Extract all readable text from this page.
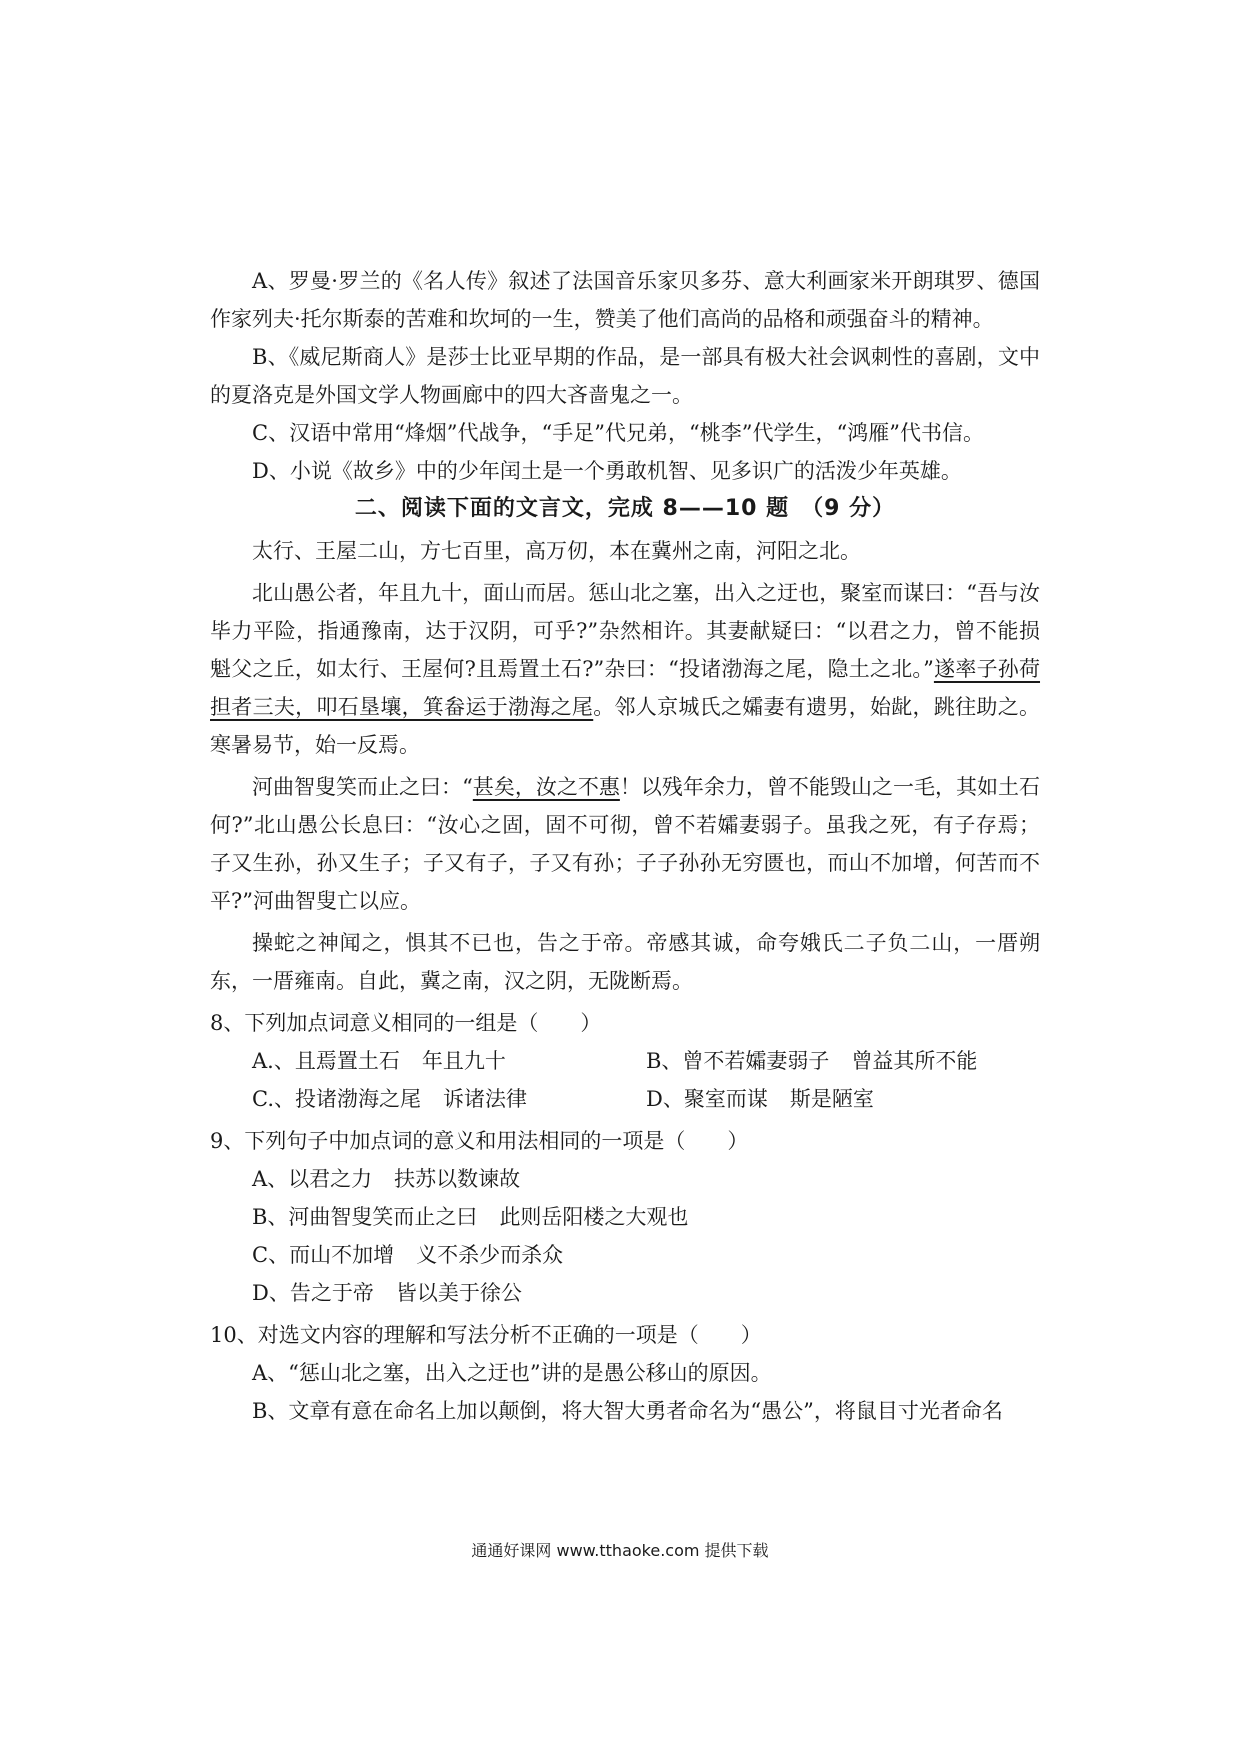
A、罗曼·罗兰的《名人传》叙述了法国音乐家贝多芬、意大利画家米开朗琪罗、德国作家列夫·托尔斯泰的苦难和坎坷的一生，赞美了他们高尚的品格和顽强奋斗的精神。

B、《威尼斯商人》是莎士比亚早期的作品，是一部具有极大社会讽刺性的喜剧，文中的夏洛克是外国文学人物画廊中的四大吝啬鬼之一。

C、汉语中常用“烽烟”代战争，“手足”代兄弟，“桃李”代学生，“鸿雁”代书信。

D、小说《故乡》中的少年闰土是一个勇敢机智、见多识广的活泼少年英雄。

二、阅读下面的文言文，完成 8——10 题　（9 分）

太行、王屋二山，方七百里，高万仞，本在冀州之南，河阳之北。

北山愚公者，年且九十，面山而居。惩山北之塞，出入之迂也，聚室而谋曰：“吾与汝毕力平险，指通豫南，达于汉阴，可乎?”杂然相许。其妻献疑曰：“以君之力，曾不能损魁父之丘，如太行、王屋何?且焉置土石?”杂曰：“投诸渤海之尾，隐土之北。”遂率子孙荷担者三夫，叩石垦壤，箕畚运于渤海之尾。邻人京城氏之孀妻有遗男，始龀，跳往助之。寒暑易节，始一反焉。

河曲智叟笑而止之曰：“甚矣，汝之不惠！以残年余力，曾不能毁山之一毛，其如土石何?”北山愚公长息曰：“汝心之固，固不可彻，曾不若孀妻弱子。虽我之死，有子存焉；子又生孙，孙又生子；子又有子，子又有孙；子子孙孙无穷匮也，而山不加增，何苦而不平?”河曲智叟亡以应。

操蛇之神闻之，惧其不已也，告之于帝。帝感其诚，命夸娥氏二子负二山，一厝朔东，一厝雍南。自此，冀之南，汉之阴，无陇断焉。

8、下列加点词意义相同的一组是（　　）

A.、且焉置土石 年且九十	B、曾不若孀妻弱子 曾益其所不能
C.、投诸渤海之尾 诉诸法律	D、聚室而谋 斯是陋室

9、下列句子中加点词的意义和用法相同的一项是（　　）

A、以君之力 扶苏以数谏故

B、河曲智叟笑而止之曰 此则岳阳楼之大观也

C、而山不加增 义不杀少而杀众

D、告之于帝 皆以美于徐公

10、对选文内容的理解和写法分析不正确的一项是（　　）

A、“惩山北之塞，出入之迂也”讲的是愚公移山的原因。

B、文章有意在命名上加以颠倒，将大智大勇者命名为“愚公”，将鼠目寸光者命名

通通好课网 www.tthaoke.com 提供下载
